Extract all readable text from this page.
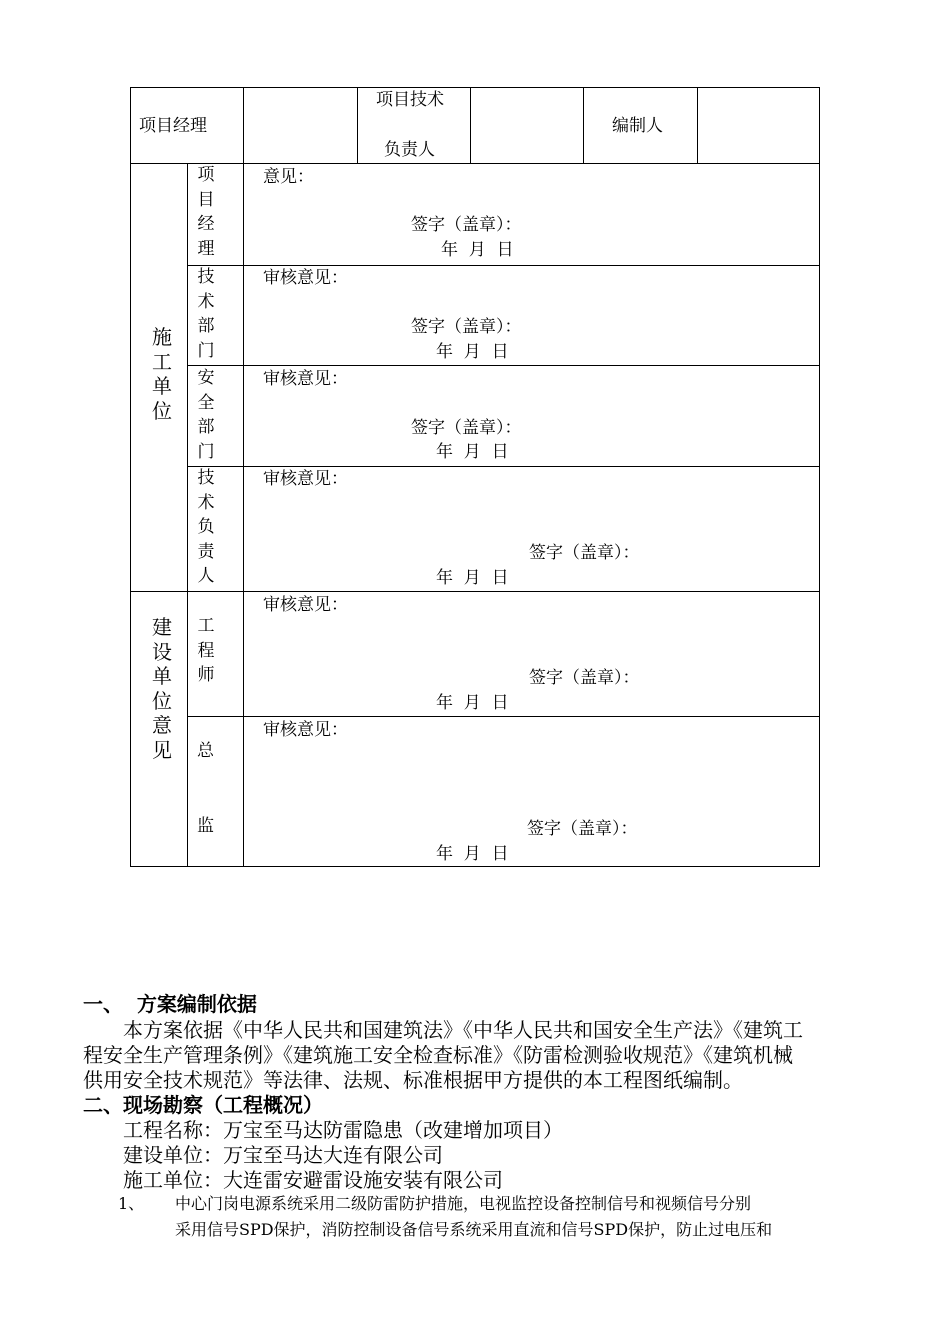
项目经理
项目技术
负责人
编制人
施工单位
项目经理
意见：
签字（盖章）：
年  月  日
技术部门
审核意见：
签字（盖章）：
年  月  日
安全部门
审核意见：
签字（盖章）：
年  月  日
技术负责人
审核意见：
签字（盖章）：
年  月  日
建设单位意见
工程师
审核意见：
签字（盖章）：
年  月  日
总
监
审核意见：
签字（盖章）：
年  月  日
一、  方案编制依据
本方案依据《中华人民共和国建筑法》《中华人民共和国安全生产法》《建筑工
程安全生产管理条例》《建筑施工安全检查标准》《防雷检测验收规范》《建筑机械
供用安全技术规范》等法律、法规、标准根据甲方提供的本工程图纸编制。
二、现场勘察（工程概况）
工程名称：万宝至马达防雷隐患（改建增加项目）
建设单位：万宝至马达大连有限公司
施工单位：大连雷安避雷设施安装有限公司
1、 中心门岗电源系统采用二级防雷防护措施，电视监控设备控制信号和视频信号分别
采用信号SPD保护，消防控制设备信号系统采用直流和信号SPD保护，防止过电压和
